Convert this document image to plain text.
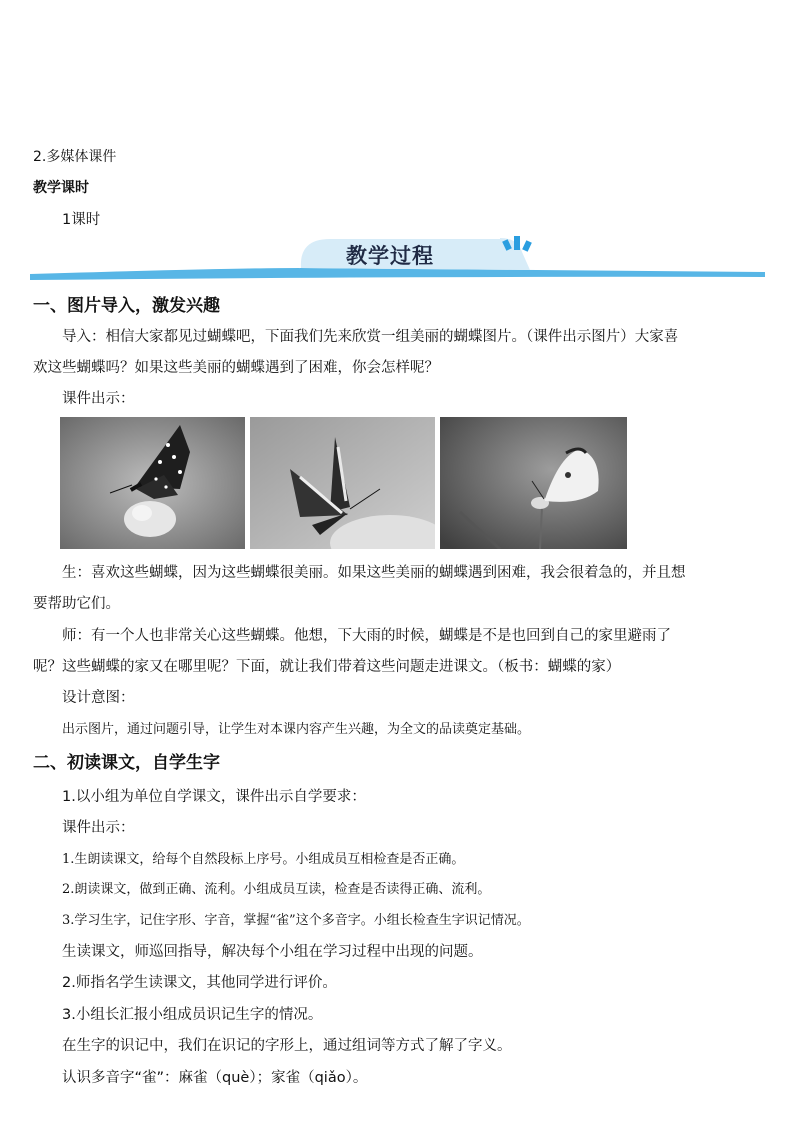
2.多媒体课件
教学课时
1课时
教学过程
一、图片导入，激发兴趣
导入：相信大家都见过蝴蝶吧，下面我们先来欣赏一组美丽的蝴蝶图片。（课件出示图片）大家喜
欢这些蝴蝶吗？如果这些美丽的蝴蝶遇到了困难，你会怎样呢？
课件出示：
生：喜欢这些蝴蝶，因为这些蝴蝶很美丽。如果这些美丽的蝴蝶遇到困难，我会很着急的，并且想
要帮助它们。
师：有一个人也非常关心这些蝴蝶。他想，下大雨的时候，蝴蝶是不是也回到自己的家里避雨了
呢？这些蝴蝶的家又在哪里呢？下面，就让我们带着这些问题走进课文。（板书：蝴蝶的家）
设计意图：
出示图片，通过问题引导，让学生对本课内容产生兴趣，为全文的品读奠定基础。
二、初读课文，自学生字
1.以小组为单位自学课文，课件出示自学要求：
课件出示：
1.生朗读课文，给每个自然段标上序号。小组成员互相检查是否正确。
2.朗读课文，做到正确、流利。小组成员互读，检查是否读得正确、流利。
3.学习生字，记住字形、字音，掌握“雀”这个多音字。小组长检查生字识记情况。
生读课文，师巡回指导，解决每个小组在学习过程中出现的问题。
2.师指名学生读课文，其他同学进行评价。
3.小组长汇报小组成员识记生字的情况。
在生字的识记中，我们在识记的字形上，通过组词等方式了解了字义。
认识多音字“雀”：麻雀（què）；家雀（qiǎo）。
